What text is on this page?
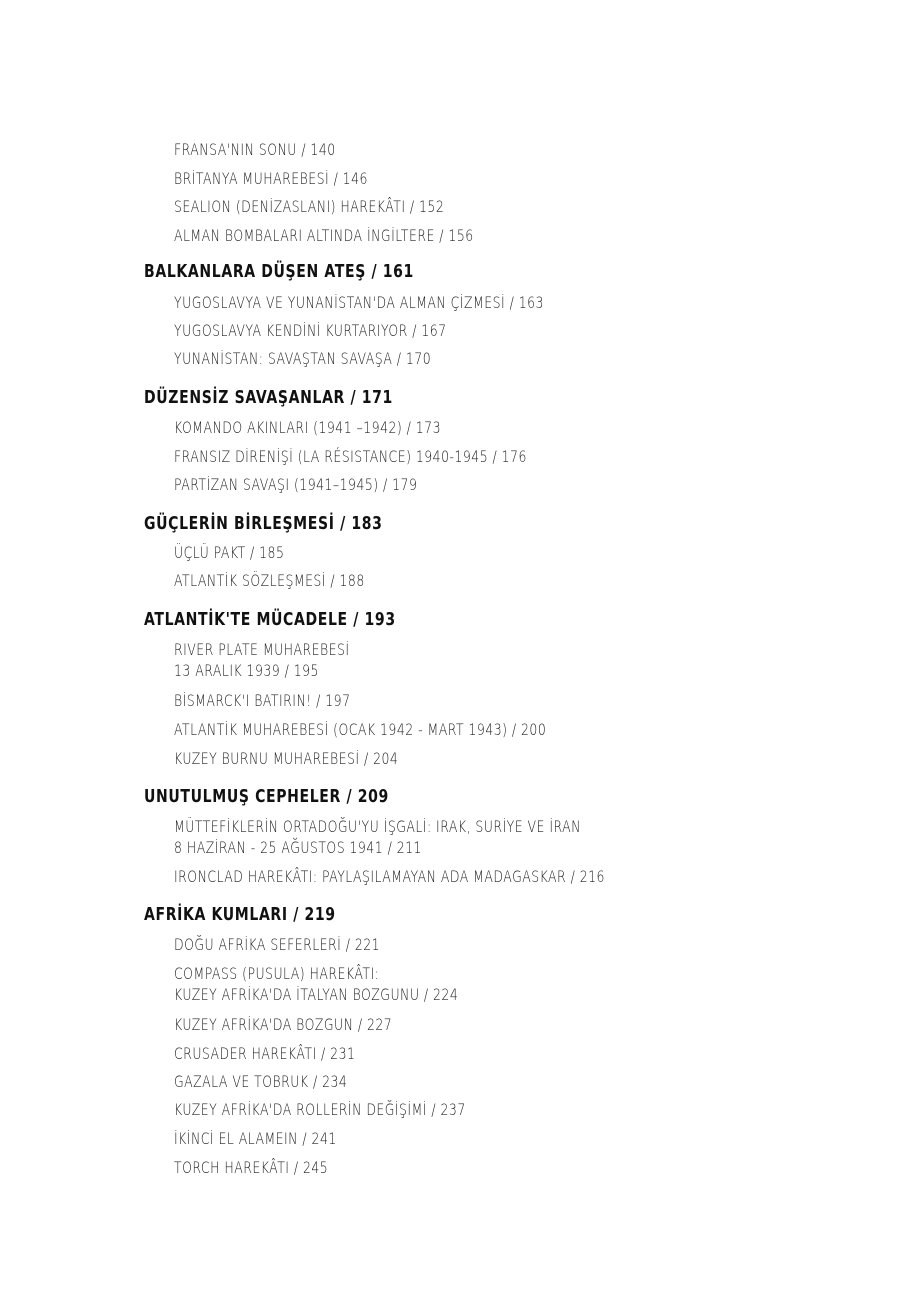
FRANSA'NIN SONU / 140
BRİTANYA MUHAREBESİ / 146
SEALION (DENİZASLANI) HAREKÂTI / 152
ALMAN BOMBALARI ALTINDA İNGİLTERE / 156
BALKANLARA DÜŞEN ATEŞ / 161
YUGOSLAVYA VE YUNANİSTAN'DA ALMAN ÇİZMESİ / 163
YUGOSLAVYA KENDİNİ KURTARIYOR / 167
YUNANİSTAN: SAVAŞTAN SAVAŞA / 170
DÜZENSİZ SAVAŞANLAR / 171
KOMANDO AKINLARI (1941 –1942) / 173
FRANSIZ DİRENİŞİ (LA RÉSISTANCE) 1940-1945 / 176
PARTİZAN SAVAŞI (1941–1945) / 179
GÜÇLERİN BİRLEŞMESİ / 183
ÜÇLÜ PAKT / 185
ATLANTİK SÖZLEŞMESİ / 188
ATLANTİK'TE MÜCADELE / 193
RIVER PLATE MUHAREBESİ
13 ARALIK 1939 / 195
BİSMARCK'I BATIRIN! / 197
ATLANTİK MUHAREBESİ (OCAK 1942 - MART 1943) / 200
KUZEY BURNU MUHAREBESİ / 204
UNUTULMUŞ CEPHELER / 209
MÜTTEFİKLERİN ORTADOĞU'YU İŞGALİ: IRAK, SURİYE VE İRAN
8 HAZİRAN - 25 AĞUSTOS 1941 / 211
IRONCLAD HAREKÂTI: PAYLAŞILAMAYAN ADA MADAGASKAR / 216
AFRİKA KUMLARI / 219
DOĞU AFRİKA SEFERLERİ / 221
COMPASS (PUSULA) HAREKÂTI:
KUZEY AFRİKA'DA İTALYAN BOZGUNU / 224
KUZEY AFRİKA'DA BOZGUN / 227
CRUSADER HAREKÂTI / 231
GAZALA VE TOBRUK / 234
KUZEY AFRİKA'DA ROLLERİN DEĞİŞİMİ / 237
İKİNCİ EL ALAMEIN / 241
TORCH HAREKÂTI / 245
